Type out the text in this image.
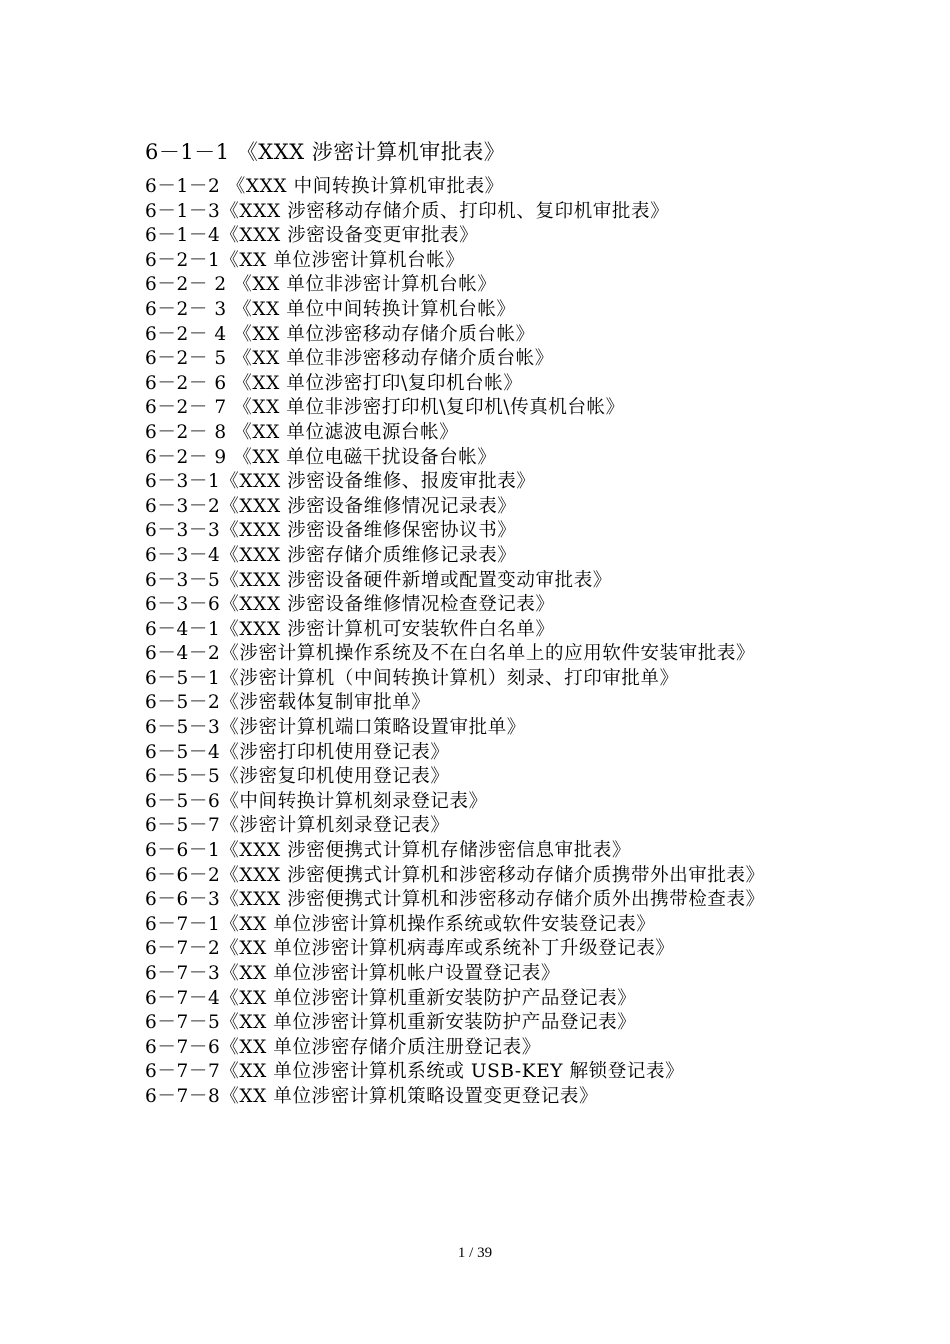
6－1－1 《XXX 涉密计算机审批表》
6－1－2 《XXX 中间转换计算机审批表》
6－1－3《XXX 涉密移动存储介质、打印机、复印机审批表》
6－1－4《XXX 涉密设备变更审批表》
6－2－1《XX 单位涉密计算机台帐》
6－2－ 2 《XX 单位非涉密计算机台帐》
6－2－ 3 《XX 单位中间转换计算机台帐》
6－2－ 4 《XX 单位涉密移动存储介质台帐》
6－2－ 5 《XX 单位非涉密移动存储介质台帐》
6－2－ 6 《XX 单位涉密打印\复印机台帐》
6－2－ 7 《XX 单位非涉密打印机\复印机\传真机台帐》
6－2－ 8 《XX 单位滤波电源台帐》
6－2－ 9 《XX 单位电磁干扰设备台帐》
6－3－1《XXX 涉密设备维修、报废审批表》
6－3－2《XXX 涉密设备维修情况记录表》
6－3－3《XXX 涉密设备维修保密协议书》
6－3－4《XXX 涉密存储介质维修记录表》
6－3－5《XXX 涉密设备硬件新增或配置变动审批表》
6－3－6《XXX 涉密设备维修情况检查登记表》
6－4－1《XXX 涉密计算机可安装软件白名单》
6－4－2《涉密计算机操作系统及不在白名单上的应用软件安装审批表》
6－5－1《涉密计算机（中间转换计算机）刻录、打印审批单》
6－5－2《涉密载体复制审批单》
6－5－3《涉密计算机端口策略设置审批单》
6－5－4《涉密打印机使用登记表》
6－5－5《涉密复印机使用登记表》
6－5－6《中间转换计算机刻录登记表》
6－5－7《涉密计算机刻录登记表》
6－6－1《XXX 涉密便携式计算机存储涉密信息审批表》
6－6－2《XXX 涉密便携式计算机和涉密移动存储介质携带外出审批表》
6－6－3《XXX 涉密便携式计算机和涉密移动存储介质外出携带检查表》
6－7－1《XX 单位涉密计算机操作系统或软件安装登记表》
6－7－2《XX 单位涉密计算机病毒库或系统补丁升级登记表》
6－7－3《XX 单位涉密计算机帐户设置登记表》
6－7－4《XX 单位涉密计算机重新安装防护产品登记表》
6－7－5《XX 单位涉密计算机重新安装防护产品登记表》
6－7－6《XX 单位涉密存储介质注册登记表》
6－7－7《XX 单位涉密计算机系统或 USB-KEY 解锁登记表》
6－7－8《XX 单位涉密计算机策略设置变更登记表》
1 / 39
